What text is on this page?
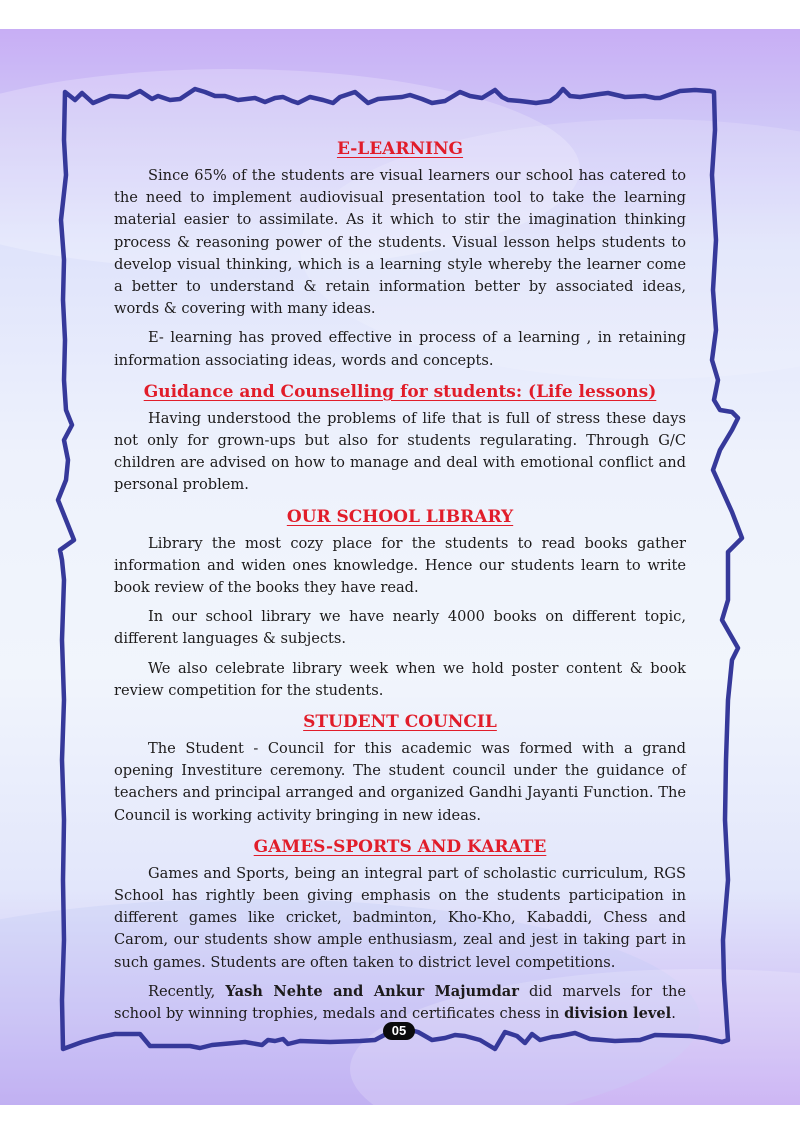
E-LEARNING

Since 65% of the students are visual learners our school has catered to the need to implement audiovisual presentation tool to take the learning material easier to assimilate. As it which to stir the imagination thinking process & reasoning power of the students. Visual lesson helps students to develop visual thinking, which is a learning style whereby the learner come a better to understand & retain information better by associated ideas, words & covering with many ideas.

E- learning has proved effective in process of a learning , in retaining information associating ideas, words and concepts.

Guidance and Counselling for students: (Life lessons)

Having understood the problems of life that is full of stress these days not only for grown-ups but also for students regularating. Through G/C children are advised on how to manage and deal with emotional conflict and personal problem.

OUR SCHOOL LIBRARY

Library the most cozy place for the students to read books gather information and widen ones knowledge. Hence our students learn to write book review of the books they have read.

In our school library we have nearly 4000 books on different topic, different languages & subjects.

We also celebrate library week when we hold poster content & book review competition for the students.

STUDENT COUNCIL

The Student - Council for this academic was formed with a grand opening Investiture ceremony. The student council under the guidance of teachers and principal arranged and organized Gandhi Jayanti Function. The Council is working activity bringing in new ideas.

GAMES-SPORTS AND KARATE

Games and Sports, being an integral part of scholastic curriculum, RGS School has rightly been giving emphasis on the students participation in different games like cricket, badminton, Kho-Kho, Kabaddi, Chess and Carom, our students show ample enthusiasm, zeal and jest in taking part in such games. Students are often taken to district level competitions.

Recently, Yash Nehte and Ankur Majumdar did marvels for the school by winning trophies, medals and certificates chess in division level.

05
